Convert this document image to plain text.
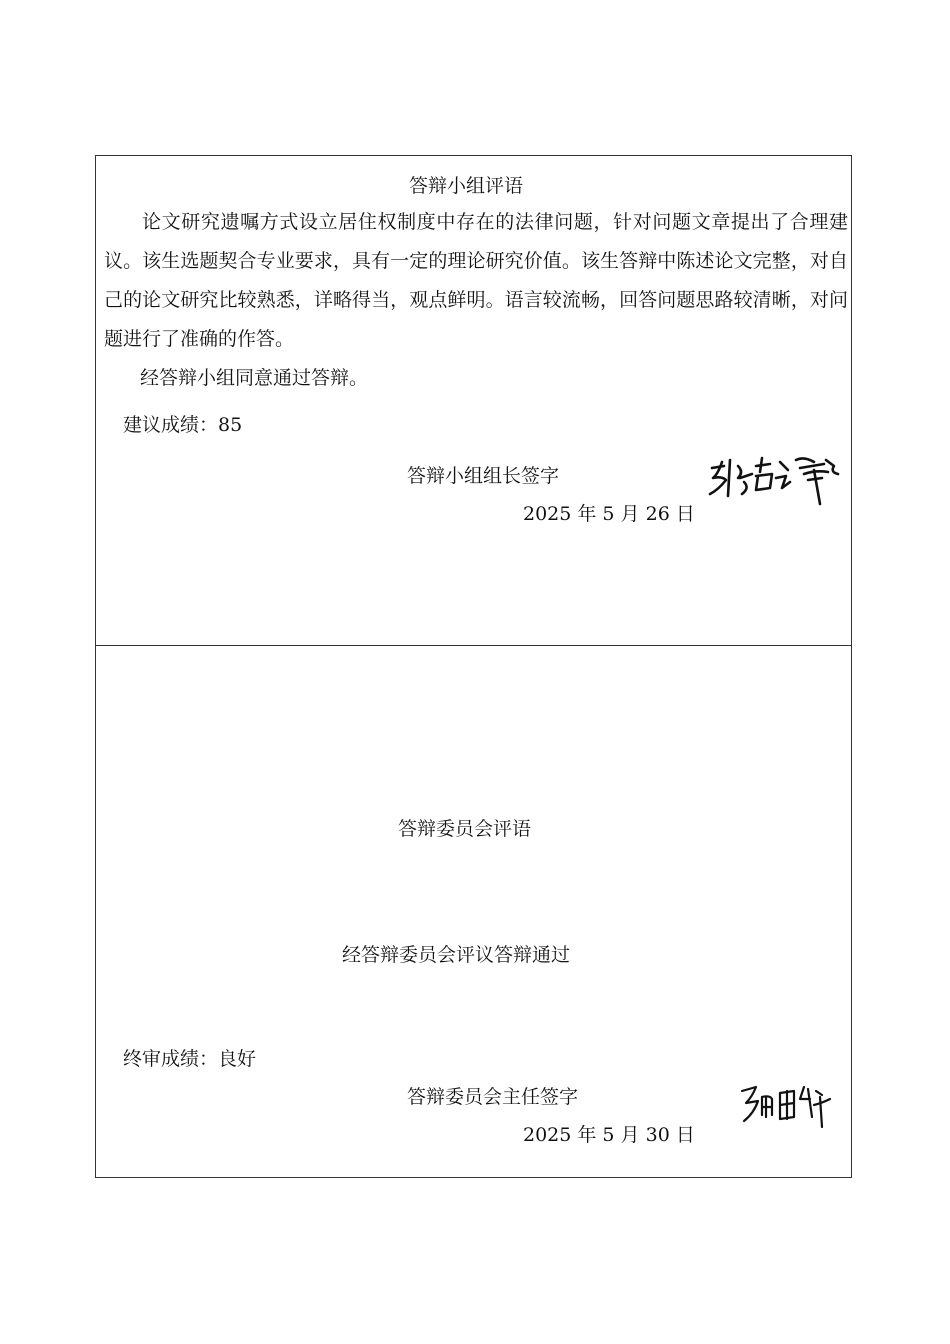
答辩小组评语
论文研究遗嘱方式设立居住权制度中存在的法律问题，针对问题文章提出了合理建议。该生选题契合专业要求，具有一定的理论研究价值。该生答辩中陈述论文完整，对自己的论文研究比较熟悉，详略得当，观点鲜明。语言较流畅，回答问题思路较清晰，对问题进行了准确的作答。
经答辩小组同意通过答辩。
建议成绩：85
答辩小组组长签字
2025 年 5 月 26 日
答辩委员会评语
经答辩委员会评议答辩通过
终审成绩：良好
答辩委员会主任签字
2025 年 5 月 30 日
